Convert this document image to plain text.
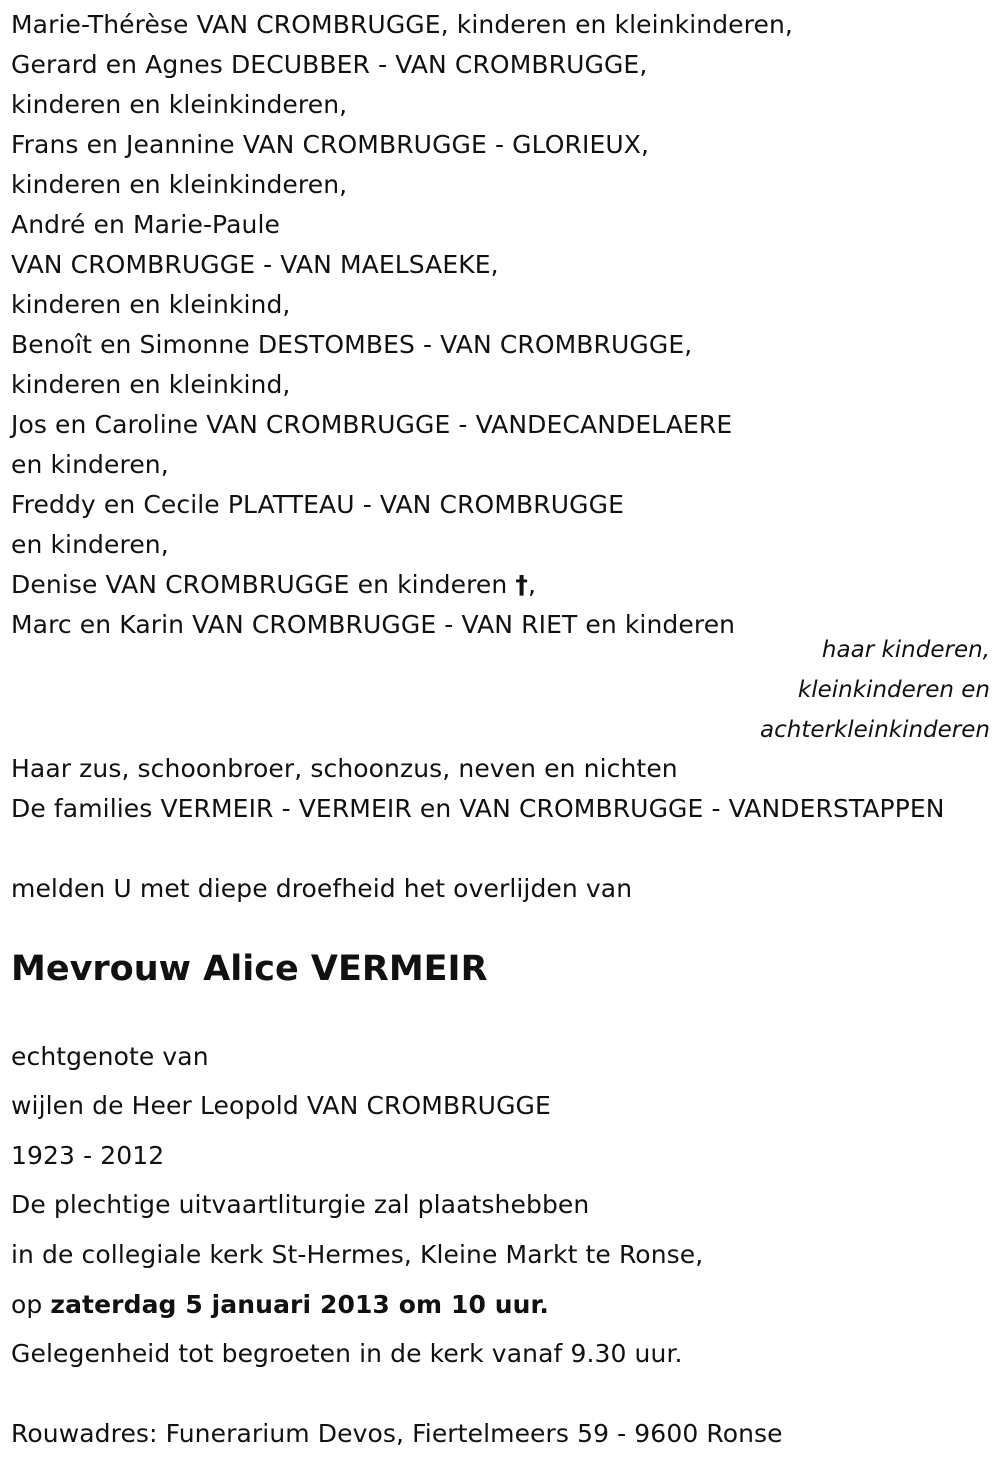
Marie-Thérèse VAN CROMBRUGGE, kinderen en kleinkinderen,

Gerard en Agnes DECUBBER - VAN CROMBRUGGE,

kinderen en kleinkinderen,

Frans en Jeannine VAN CROMBRUGGE - GLORIEUX,

kinderen en kleinkinderen,

André en Marie-Paule

VAN CROMBRUGGE - VAN MAELSAEKE,

kinderen en kleinkind,

Benoît en Simonne DESTOMBES - VAN CROMBRUGGE,

kinderen en kleinkind,

Jos en Caroline VAN CROMBRUGGE - VANDECANDELAERE

en kinderen,

Freddy en Cecile PLATTEAU - VAN CROMBRUGGE

en kinderen,

Denise VAN CROMBRUGGE en kinderen †,

Marc en Karin VAN CROMBRUGGE - VAN RIET en kinderen

haar kinderen,

kleinkinderen en

achterkleinkinderen

Haar zus, schoonbroer, schoonzus, neven en nichten

De families VERMEIR - VERMEIR en VAN CROMBRUGGE - VANDERSTAPPEN

melden U met diepe droefheid het overlijden van

Mevrouw Alice VERMEIR

echtgenote van

wijlen de Heer Leopold VAN CROMBRUGGE

1923 - 2012

De plechtige uitvaartliturgie zal plaatshebben

in de collegiale kerk St-Hermes, Kleine Markt te Ronse,

op zaterdag 5 januari 2013 om 10 uur.

Gelegenheid tot begroeten in de kerk vanaf 9.30 uur.

Rouwadres: Funerarium Devos, Fiertelmeers 59 - 9600 Ronse
